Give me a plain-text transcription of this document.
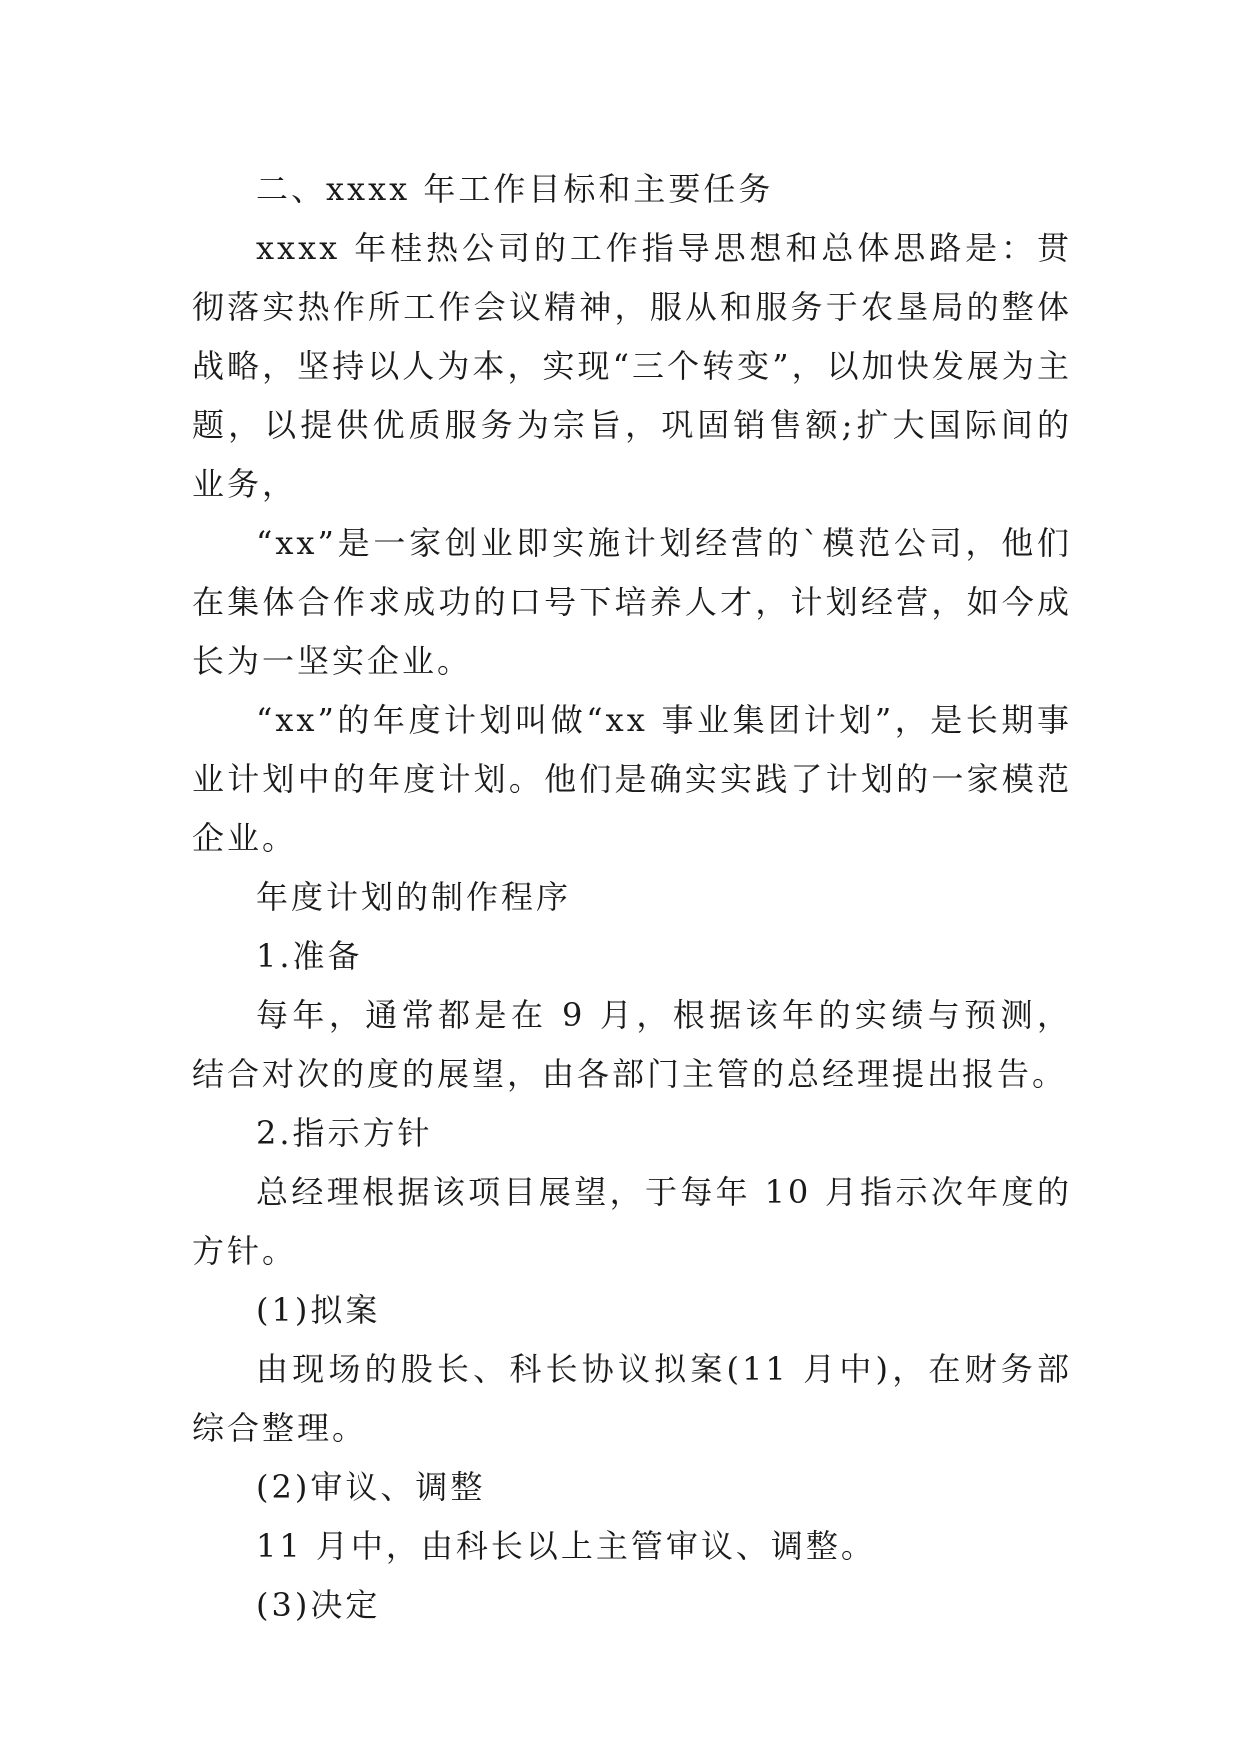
二、xxxx 年工作目标和主要任务

xxxx 年桂热公司的工作指导思想和总体思路是：贯彻落实热作所工作会议精神，服从和服务于农垦局的整体战略，坚持以人为本，实现“三个转变”，以加快发展为主题，以提供优质服务为宗旨，巩固销售额;扩大国际间的业务，

“xx”是一家创业即实施计划经营的`模范公司，他们在集体合作求成功的口号下培养人才，计划经营，如今成长为一坚实企业。

“xx”的年度计划叫做“xx 事业集团计划”，是长期事业计划中的年度计划。他们是确实实践了计划的一家模范企业。

年度计划的制作程序

1.准备

每年，通常都是在 9 月，根据该年的实绩与预测，结合对次的度的展望，由各部门主管的总经理提出报告。

2.指示方针

总经理根据该项目展望，于每年 10 月指示次年度的方针。

(1)拟案

由现场的股长、科长协议拟案(11 月中)，在财务部综合整理。

(2)审议、调整

11 月中，由科长以上主管审议、调整。

(3)决定
